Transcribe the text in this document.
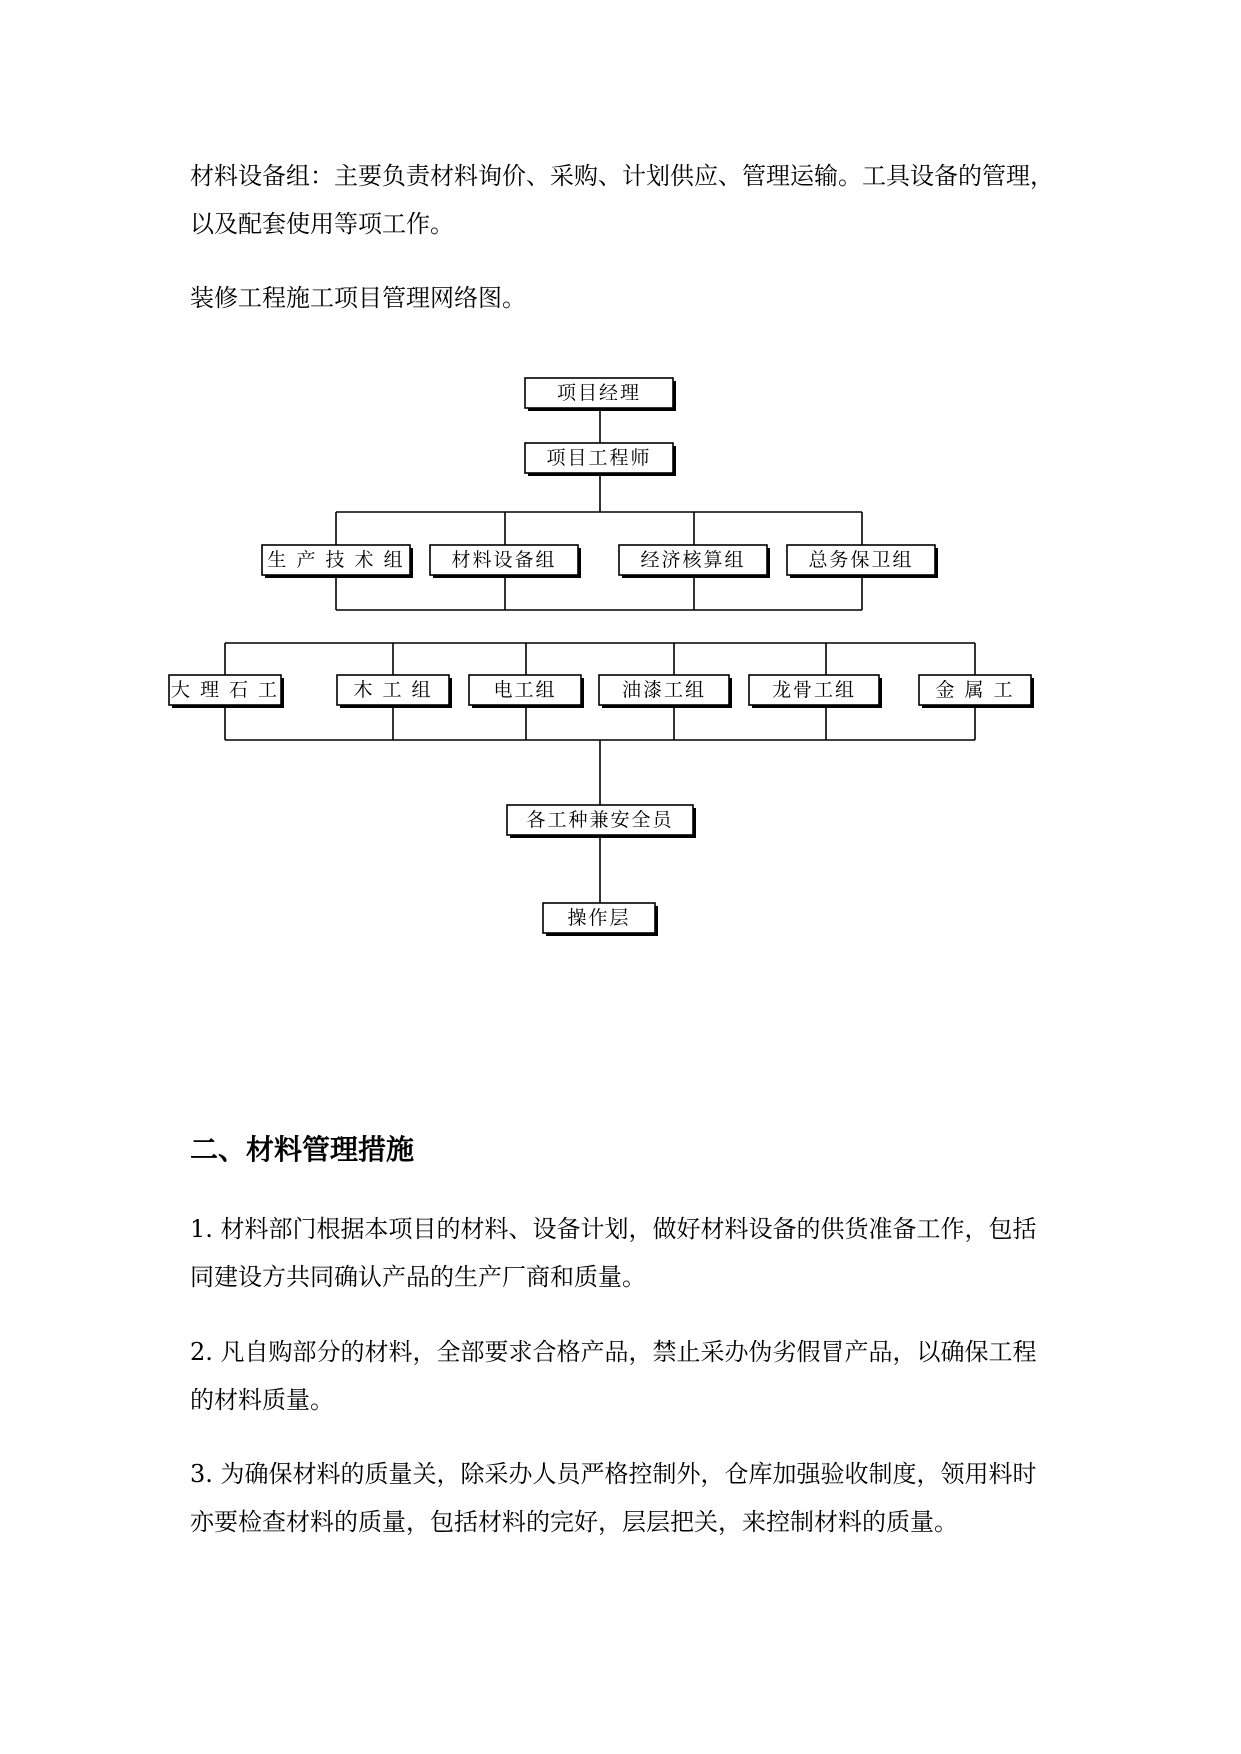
材料设备组：主要负责材料询价、采购、计划供应、管理运输。工具设备的管理，以及配套使用等项工作。

装修工程施工项目管理网络图。

项目经理
项目工程师
生 产 技 术 组 材料设备组	经济核算组	总务保卫组
大 理 石 工	木 工 组	电工组	油漆工组	龙骨工组	金 属 工
各工种兼安全员
操作层
二、材料管理措施

1. 材料部门根据本项目的材料、设备计划，做好材料设备的供货准备工作，包括同建设方共同确认产品的生产厂商和质量。

2. 凡自购部分的材料，全部要求合格产品，禁止采办伪劣假冒产品，以确保工程的材料质量。

3. 为确保材料的质量关，除采办人员严格控制外，仓库加强验收制度，领用料时亦要检查材料的质量，包括材料的完好，层层把关，来控制材料的质量。
